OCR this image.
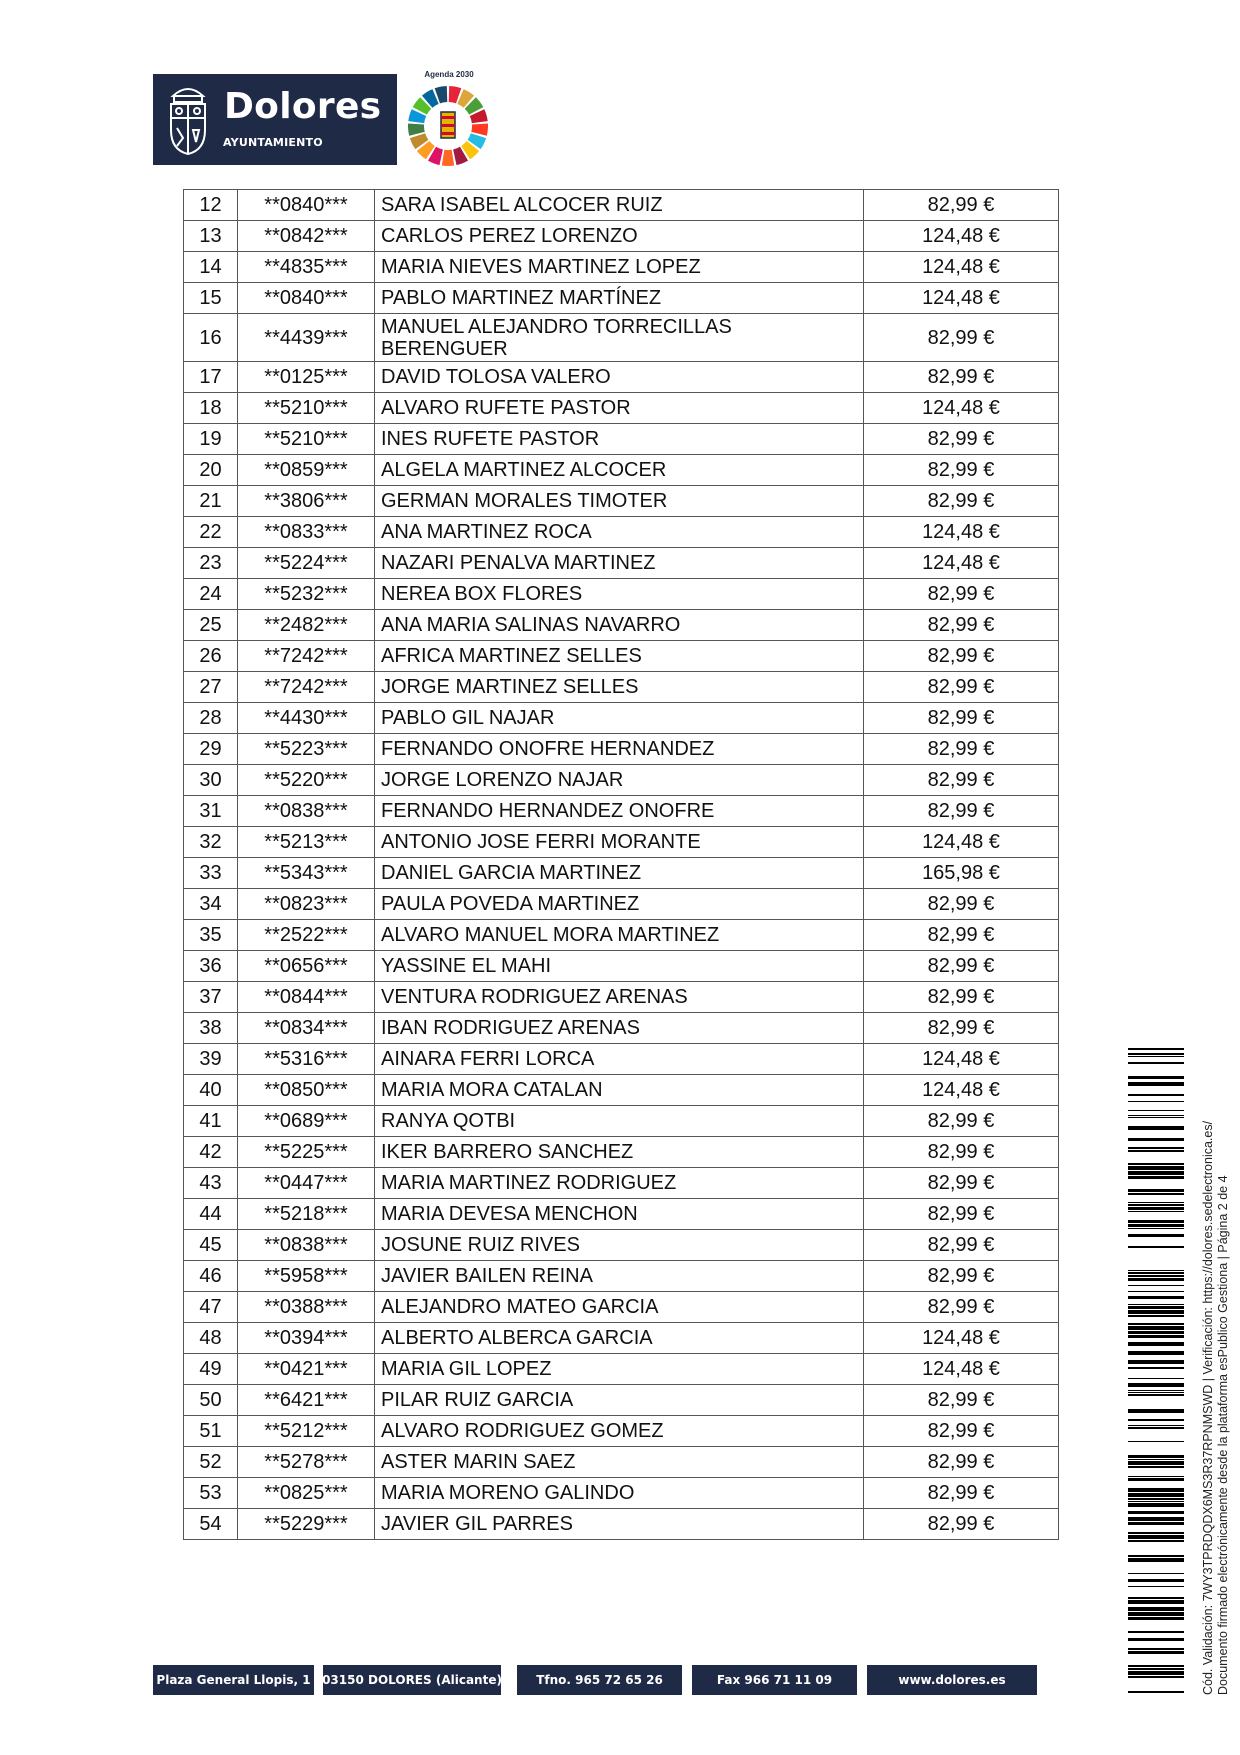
Dolores
AYUNTAMIENTO
Agenda 2030
12	**0840***	SARA ISABEL ALCOCER RUIZ	82,99 €
13	**0842***	CARLOS PEREZ LORENZO	124,48 €
14	**4835***	MARIA NIEVES MARTINEZ LOPEZ	124,48 €
15	**0840***	PABLO MARTINEZ MARTÍNEZ	124,48 €
16	**4439***	MANUEL ALEJANDRO TORRECILLAS BERENGUER	82,99 €
17	**0125***	DAVID TOLOSA VALERO	82,99 €
18	**5210***	ALVARO RUFETE PASTOR	124,48 €
19	**5210***	INES RUFETE PASTOR	82,99 €
20	**0859***	ALGELA MARTINEZ ALCOCER	82,99 €
21	**3806***	GERMAN MORALES TIMOTER	82,99 €
22	**0833***	ANA MARTINEZ ROCA	124,48 €
23	**5224***	NAZARI PENALVA MARTINEZ	124,48 €
24	**5232***	NEREA BOX FLORES	82,99 €
25	**2482***	ANA MARIA SALINAS NAVARRO	82,99 €
26	**7242***	AFRICA MARTINEZ SELLES	82,99 €
27	**7242***	JORGE MARTINEZ SELLES	82,99 €
28	**4430***	PABLO GIL NAJAR	82,99 €
29	**5223***	FERNANDO ONOFRE HERNANDEZ	82,99 €
30	**5220***	JORGE LORENZO NAJAR	82,99 €
31	**0838***	FERNANDO HERNANDEZ ONOFRE	82,99 €
32	**5213***	ANTONIO JOSE FERRI MORANTE	124,48 €
33	**5343***	DANIEL GARCIA MARTINEZ	165,98 €
34	**0823***	PAULA POVEDA MARTINEZ	82,99 €
35	**2522***	ALVARO MANUEL MORA MARTINEZ	82,99 €
36	**0656***	YASSINE EL MAHI	82,99 €
37	**0844***	VENTURA RODRIGUEZ ARENAS	82,99 €
38	**0834***	IBAN RODRIGUEZ ARENAS	82,99 €
39	**5316***	AINARA FERRI LORCA	124,48 €
40	**0850***	MARIA MORA CATALAN	124,48 €
41	**0689***	RANYA QOTBI	82,99 €
42	**5225***	IKER BARRERO SANCHEZ	82,99 €
43	**0447***	MARIA MARTINEZ RODRIGUEZ	82,99 €
44	**5218***	MARIA DEVESA MENCHON	82,99 €
45	**0838***	JOSUNE RUIZ RIVES	82,99 €
46	**5958***	JAVIER BAILEN REINA	82,99 €
47	**0388***	ALEJANDRO MATEO GARCIA	82,99 €
48	**0394***	ALBERTO ALBERCA GARCIA	124,48 €
49	**0421***	MARIA GIL LOPEZ	124,48 €
50	**6421***	PILAR RUIZ GARCIA	82,99 €
51	**5212***	ALVARO RODRIGUEZ GOMEZ	82,99 €
52	**5278***	ASTER MARIN SAEZ	82,99 €
53	**0825***	MARIA MORENO GALINDO	82,99 €
54	**5229***	JAVIER GIL PARRES	82,99 €
Plaza General Llopis, 1 03150 DOLORES (Alicante)	Tfno. 965 72 65 26	Fax 966 71 11 09	www.dolores.es	Cód. Validación: 7WY3TPRDQDX6MS3R37RPNMSWD | Verificación: https://dolores.sedelectronica.es/ Documento firmado electrónicamente desde la plataforma esPublico Gestiona | Página 2 de 4
